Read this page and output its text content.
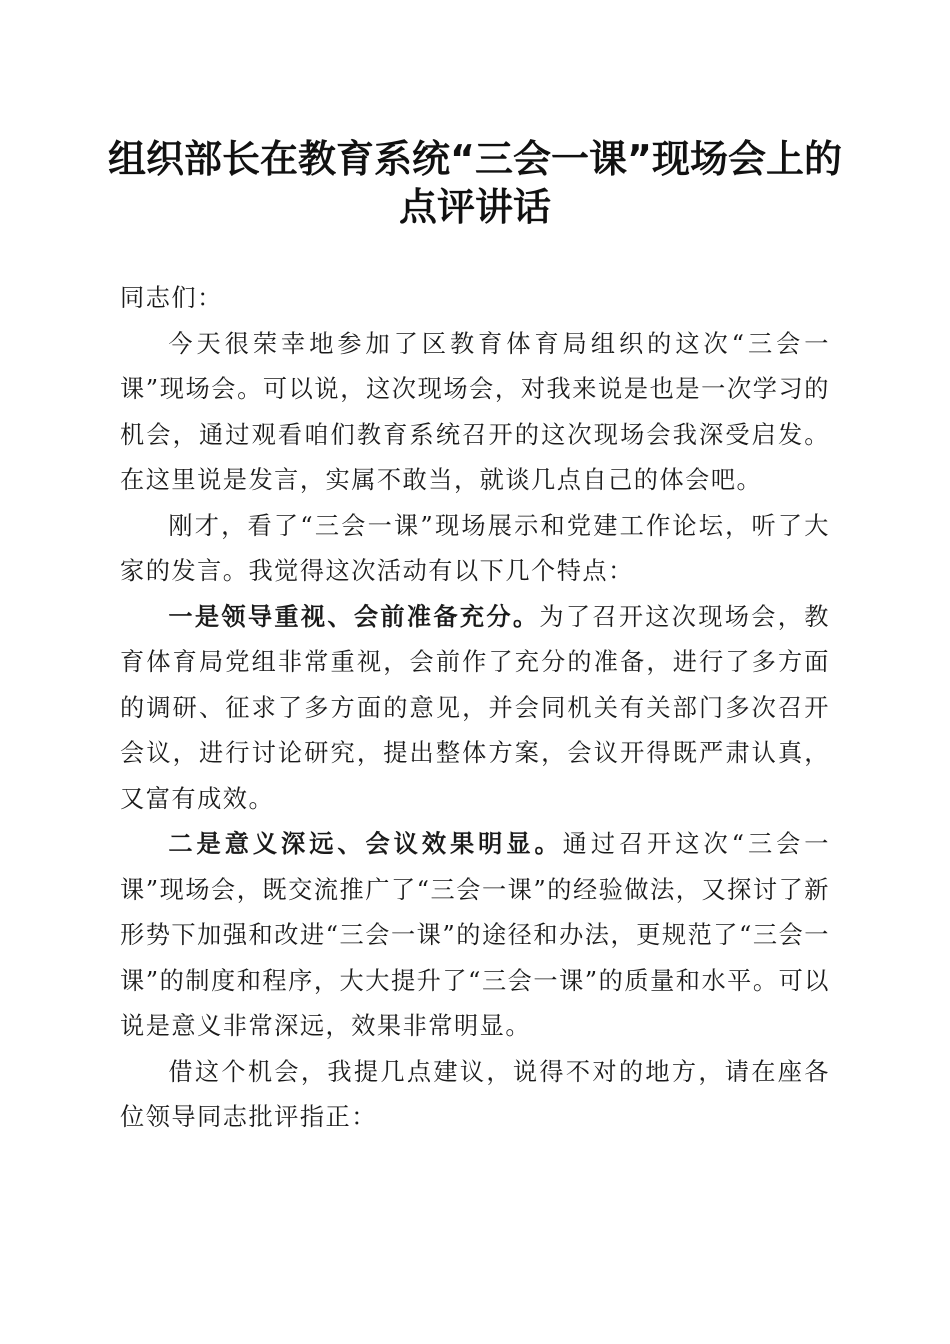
组织部长在教育系统“三会一课”现场会上的
点评讲话

同志们：

今天很荣幸地参加了区教育体育局组织的这次“三会一课”现场会。可以说，这次现场会，对我来说是也是一次学习的机会，通过观看咱们教育系统召开的这次现场会我深受启发。在这里说是发言，实属不敢当，就谈几点自己的体会吧。

刚才，看了“三会一课”现场展示和党建工作论坛，听了大家的发言。我觉得这次活动有以下几个特点：

一是领导重视、会前准备充分。为了召开这次现场会，教育体育局党组非常重视，会前作了充分的准备，进行了多方面的调研、征求了多方面的意见，并会同机关有关部门多次召开会议，进行讨论研究，提出整体方案，会议开得既严肃认真，又富有成效。

二是意义深远、会议效果明显。通过召开这次“三会一课”现场会，既交流推广了“三会一课”的经验做法，又探讨了新形势下加强和改进“三会一课”的途径和办法，更规范了“三会一课”的制度和程序，大大提升了“三会一课”的质量和水平。可以说是意义非常深远，效果非常明显。

借这个机会，我提几点建议，说得不对的地方，请在座各位领导同志批评指正：
